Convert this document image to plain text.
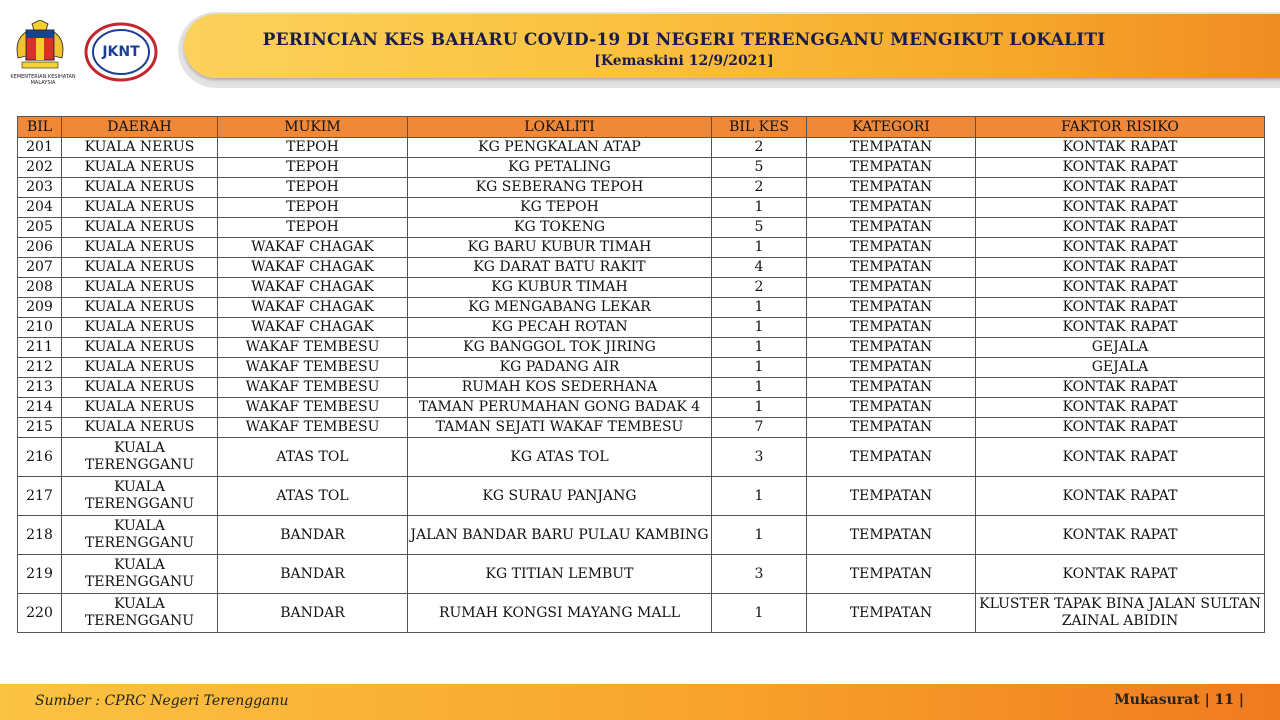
JKNT
KEMENTERIAN KESIHATAN MALAYSIA
PERINCIAN KES BAHARU COVID-19 DI NEGERI TERENGGANU MENGIKUT LOKALITI
[Kemaskini 12/9/2021]
BIL	DAERAH	MUKIM	LOKALITI	BIL KES	KATEGORI	FAKTOR RISIKO
201	KUALA NERUS	TEPOH	KG PENGKALAN ATAP	2	TEMPATAN	KONTAK RAPAT
202	KUALA NERUS	TEPOH	KG PETALING	5	TEMPATAN	KONTAK RAPAT
203	KUALA NERUS	TEPOH	KG SEBERANG TEPOH	2	TEMPATAN	KONTAK RAPAT
204	KUALA NERUS	TEPOH	KG TEPOH	1	TEMPATAN	KONTAK RAPAT
205	KUALA NERUS	TEPOH	KG TOKENG	5	TEMPATAN	KONTAK RAPAT
206	KUALA NERUS	WAKAF CHAGAK	KG BARU KUBUR TIMAH	1	TEMPATAN	KONTAK RAPAT
207	KUALA NERUS	WAKAF CHAGAK	KG DARAT BATU RAKIT	4	TEMPATAN	KONTAK RAPAT
208	KUALA NERUS	WAKAF CHAGAK	KG KUBUR TIMAH	2	TEMPATAN	KONTAK RAPAT
209	KUALA NERUS	WAKAF CHAGAK	KG MENGABANG LEKAR	1	TEMPATAN	KONTAK RAPAT
210	KUALA NERUS	WAKAF CHAGAK	KG PECAH ROTAN	1	TEMPATAN	KONTAK RAPAT
211	KUALA NERUS	WAKAF TEMBESU	KG BANGGOL TOK JIRING	1	TEMPATAN	GEJALA
212	KUALA NERUS	WAKAF TEMBESU	KG PADANG AIR	1	TEMPATAN	GEJALA
213	KUALA NERUS	WAKAF TEMBESU	RUMAH KOS SEDERHANA	1	TEMPATAN	KONTAK RAPAT
214	KUALA NERUS	WAKAF TEMBESU	TAMAN PERUMAHAN GONG BADAK 4	1	TEMPATAN	KONTAK RAPAT
215	KUALA NERUS	WAKAF TEMBESU	TAMAN SEJATI WAKAF TEMBESU	7	TEMPATAN	KONTAK RAPAT
216	KUALA TERENGGANU	ATAS TOL	KG ATAS TOL	3	TEMPATAN	KONTAK RAPAT
217	KUALA TERENGGANU	ATAS TOL	KG SURAU PANJANG	1	TEMPATAN	KONTAK RAPAT
218	KUALA TERENGGANU	BANDAR	JALAN BANDAR BARU PULAU KAMBING	1	TEMPATAN	KONTAK RAPAT
219	KUALA TERENGGANU	BANDAR	KG TITIAN LEMBUT	3	TEMPATAN	KONTAK RAPAT
220	KUALA TERENGGANU	BANDAR	RUMAH KONGSI MAYANG MALL	1	TEMPATAN	KLUSTER TAPAK BINA JALAN SULTAN ZAINAL ABIDIN
Sumber : CPRC Negeri Terengganu	Mukasurat | 11 |
